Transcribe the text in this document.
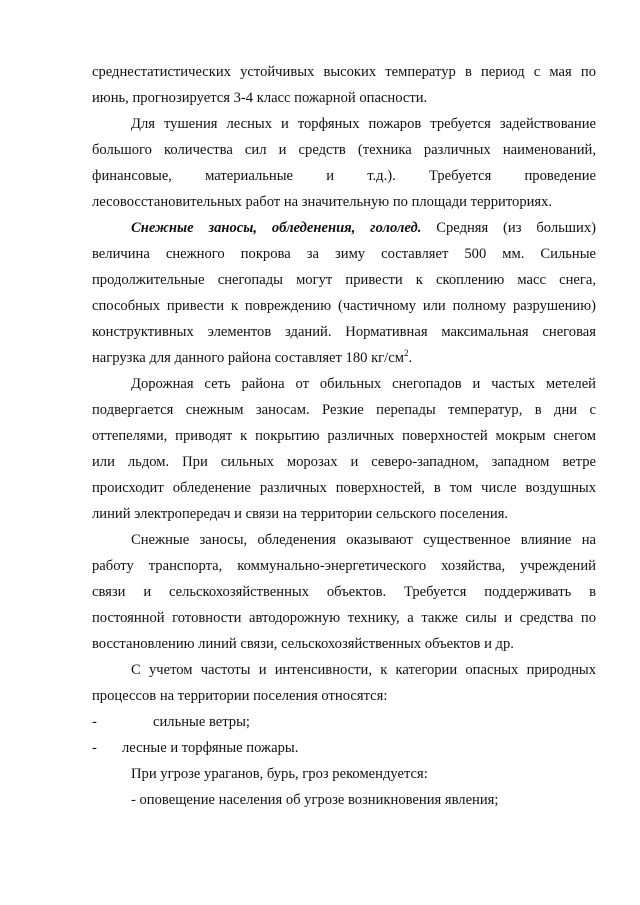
среднестатистических устойчивых высоких температур в период с мая по
июнь, прогнозируется 3-4 класс пожарной опасности.
Для тушения лесных и торфяных пожаров требуется задействование
большого количества сил и средств (техника различных наименований,
финансовые, материальные и т.д.). Требуется проведение
лесовосстановительных работ на значительную по площади территориях.
Снежные заносы, обледенения, гололед. Средняя (из больших)
величина снежного покрова за зиму составляет 500 мм. Сильные
продолжительные снегопады могут привести к скоплению масс снега,
способных привести к повреждению (частичному или полному разрушению)
конструктивных элементов зданий. Нормативная максимальная снеговая
нагрузка для данного района составляет 180 $кг/см^2$.
Дорожная сеть района от обильных снегопадов и частых метелей
подвергается снежным заносам. Резкие перепады температур, в дни с
оттепелями, приводят к покрытию различных поверхностей мокрым снегом
или льдом. При сильных морозах и северо-западном, западном ветре
происходит обледенение различных поверхностей, в том числе воздушных
линий электропередач и связи на территории сельского поселения.
Снежные заносы, обледенения оказывают существенное влияние на
работу транспорта, коммунально-энергетического хозяйства, учреждений
связи и сельскохозяйственных объектов. Требуется поддерживать в
постоянной готовности автодорожную технику, а также силы и средства по
восстановлению линий связи, сельскохозяйственных объектов и др.
С учетом частоты и интенсивности, к категории опасных природных
процессов на территории поселения относятся:
-	сильные ветры;
-	лесные и торфяные пожары.
При угрозе ураганов, бурь, гроз рекомендуется:
- оповещение населения об угрозе возникновения явления;
